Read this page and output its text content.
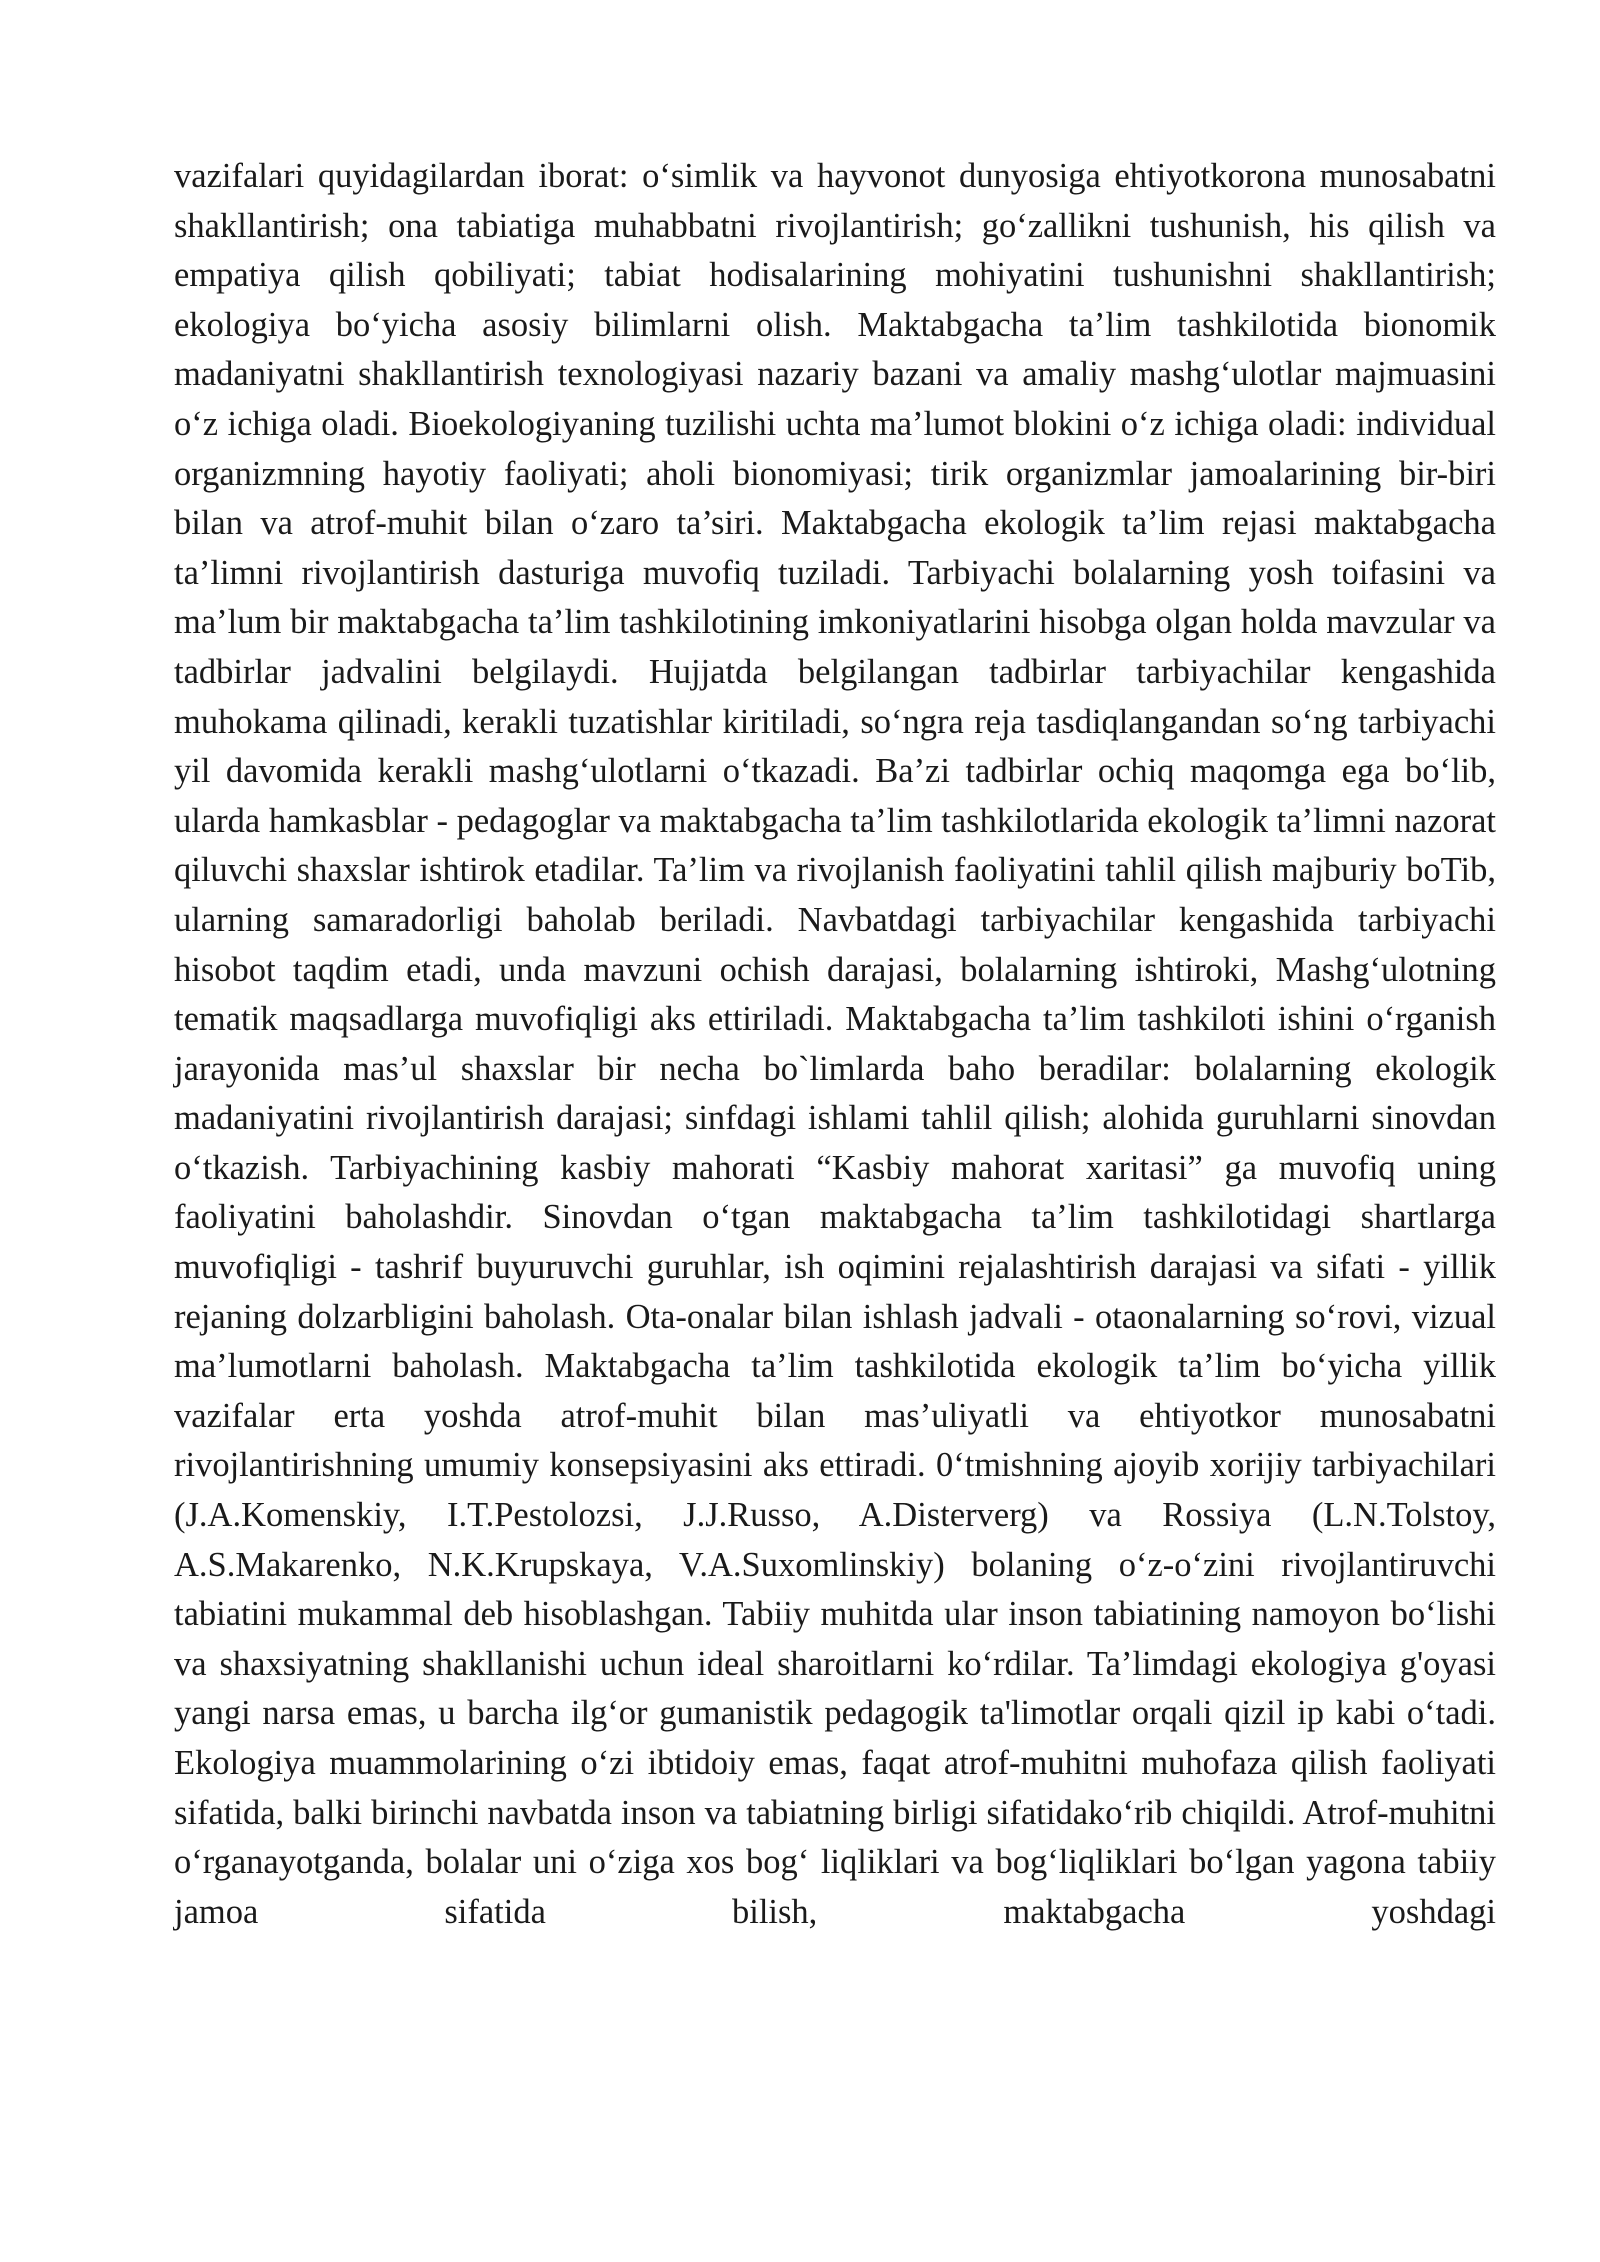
vazifalari quyidagilardan iborat: o‘simlik va hayvonot dunyosiga ehtiyotkorona munosabatni shakllantirish; ona tabiatiga muhabbatni rivojlantirish; go‘zallikni tushunish, his qilish va empatiya qilish qobiliyati; tabiat hodisalarining mohiyatini tushunishni shakllantirish; ekologiya bo‘yicha asosiy bilimlarni olish. Maktabgacha ta’lim tashkilotida bionomik madaniyatni shakllantirish texnologiyasi nazariy bazani va amaliy mashg‘ulotlar majmuasini o‘z ichiga oladi. Bioekologiyaning tuzilishi uchta ma’lumot blokini o‘z ichiga oladi: individual organizmning hayotiy faoliyati; aholi bionomiyasi; tirik organizmlar jamoalarining bir-biri bilan va atrof-muhit bilan o‘zaro ta’siri. Maktabgacha ekologik ta’lim rejasi maktabgacha ta’limni rivojlantirish dasturiga muvofiq tuziladi. Tarbiyachi bolalarning yosh toifasini va ma’lum bir maktabgacha ta’lim tashkilotining imkoniyatlarini hisobga olgan holda mavzular va tadbirlar jadvalini belgilaydi. Hujjatda belgilangan tadbirlar tarbiyachilar kengashida muhokama qilinadi, kerakli tuzatishlar kiritiladi, so‘ngra reja tasdiqlangandan so‘ng tarbiyachi yil davomida kerakli mashg‘ulotlarni o‘tkazadi. Ba’zi tadbirlar ochiq maqomga ega bo‘lib, ularda hamkasblar - pedagoglar va maktabgacha ta’lim tashkilotlarida ekologik ta’limni nazorat qiluvchi shaxslar ishtirok etadilar. Ta’lim va rivojlanish faoliyatini tahlil qilish majburiy boTib, ularning samaradorligi baholab beriladi. Navbatdagi tarbiyachilar kengashida tarbiyachi hisobot taqdim etadi, unda mavzuni ochish darajasi, bolalarning ishtiroki, Mashg‘ulotning tematik maqsadlarga muvofiqligi aks ettiriladi. Maktabgacha ta’lim tashkiloti ishini o‘rganish jarayonida mas’ul shaxslar bir necha bo`limlarda baho beradilar: bolalarning ekologik madaniyatini rivojlantirish darajasi; sinfdagi ishlami tahlil qilish; alohida guruhlarni sinovdan o‘tkazish. Tarbiyachining kasbiy mahorati “Kasbiy mahorat xaritasi” ga muvofiq uning faoliyatini baholashdir. Sinovdan o‘tgan maktabgacha ta’lim tashkilotidagi shartlarga muvofiqligi - tashrif buyuruvchi guruhlar, ish oqimini rejalashtirish darajasi va sifati - yillik rejaning dolzarbligini baholash. Ota-onalar bilan ishlash jadvali - otaonalarning so‘rovi, vizual ma’lumotlarni baholash. Maktabgacha ta’lim tashkilotida ekologik ta’lim bo‘yicha yillik vazifalar erta yoshda atrof-muhit bilan mas’uliyatli va ehtiyotkor munosabatni rivojlantirishning umumiy konsepsiyasini aks ettiradi. 0‘tmishning ajoyib xorijiy tarbiyachilari (J.A.Komenskiy, I.T.Pestolozsi, J.J.Russo, A.Disterverg) va Rossiya (L.N.Tolstoy, A.S.Makarenko, N.K.Krupskaya, V.A.Suxomlinskiy) bolaning o‘z-o‘zini rivojlantiruvchi tabiatini mukammal deb hisoblashgan. Tabiiy muhitda ular inson tabiatining namoyon bo‘lishi va shaxsiyatning shakllanishi uchun ideal sharoitlarni ko‘rdilar. Ta’limdagi ekologiya g'oyasi yangi narsa emas, u barcha ilg‘or gumanistik pedagogik ta'limotlar orqali qizil ip kabi o‘tadi. Ekologiya muammolarining o‘zi ibtidoiy emas, faqat atrof-muhitni muhofaza qilish faoliyati sifatida, balki birinchi navbatda inson va tabiatning birligi sifatidako‘rib chiqildi. Atrof-muhitni o‘rganayotganda, bolalar uni o‘ziga xos bog‘ liqliklari va bog‘liqliklari bo‘lgan yagona tabiiy jamoa sifatida bilish, maktabgacha yoshdagi
